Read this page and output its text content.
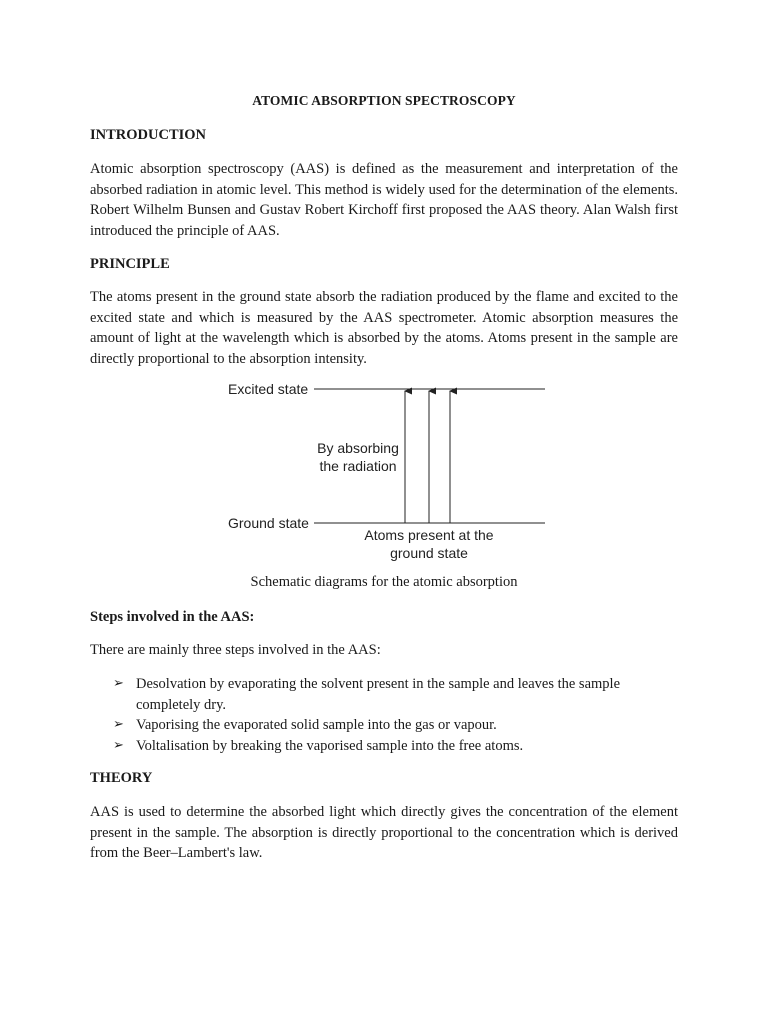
ATOMIC ABSORPTION SPECTROSCOPY
INTRODUCTION

Atomic absorption spectroscopy (AAS) is defined as the measurement and interpretation of the absorbed radiation in atomic level. This method is widely used for the determination of the elements. Robert Wilhelm Bunsen and Gustav Robert Kirchoff first proposed the AAS theory. Alan Walsh first introduced the principle of AAS.

PRINCIPLE

The atoms present in the ground state absorb the radiation produced by the flame and excited to the excited state and which is measured by the AAS spectrometer. Atomic absorption measures the amount of light at the wavelength which is absorbed by the atoms. Atoms present in the sample are directly proportional to the absorption intensity.

Excited state
Ground state
By absorbing
the radiation
Atoms present at the
ground state

Schematic diagrams for the atomic absorption

Steps involved in the AAS:

There are mainly three steps involved in the AAS:

➢ Desolvation by evaporating the solvent present in the sample and leaves the sample completely dry.
➢ Vaporising the evaporated solid sample into the gas or vapour.
➢ Voltalisation by breaking the vaporised sample into the free atoms.
THEORY

AAS is used to determine the absorbed light which directly gives the concentration of the element present in the sample. The absorption is directly proportional to the concentration which is derived from the Beer–Lambert's law.
